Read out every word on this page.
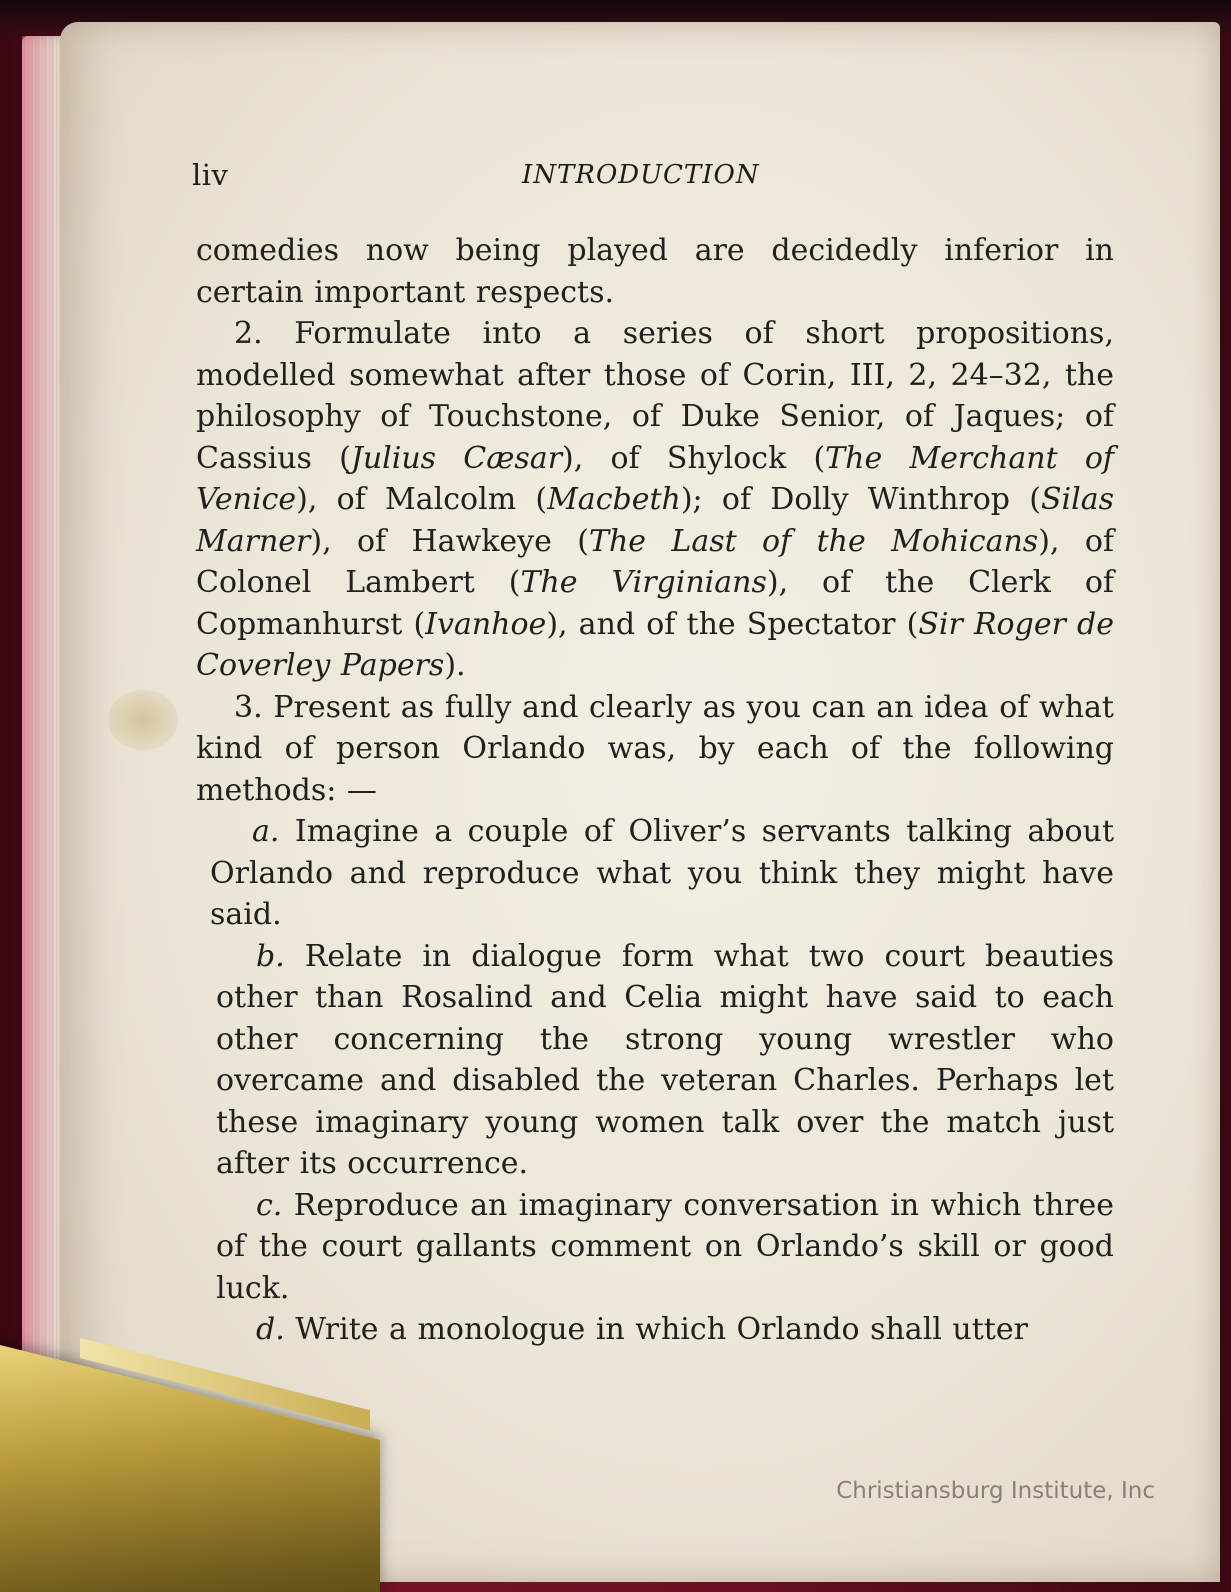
liv	INTRODUCTION

comedies now being played are decidedly inferior in certain important respects.

2. Formulate into a series of short propositions, modelled somewhat after those of Corin, III, 2, 24–32, the philosophy of Touchstone, of Duke Senior, of Jaques; of Cassius (Julius Cæsar), of Shylock (The Merchant of Venice), of Malcolm (Macbeth); of Dolly Winthrop (Silas Marner), of Hawkeye (The Last of the Mohicans), of Colonel Lambert (The Virginians), of the Clerk of Copmanhurst (Ivanhoe), and of the Spectator (Sir Roger de Coverley Papers).

3. Present as fully and clearly as you can an idea of what kind of person Orlando was, by each of the following methods: —

a. Imagine a couple of Oliver’s servants talking about Orlando and reproduce what you think they might have said.

b. Relate in dialogue form what two court beauties other than Rosalind and Celia might have said to each other concerning the strong young wrestler who overcame and disabled the veteran Charles. Perhaps let these imaginary young women talk over the match just after its occurrence.

c. Reproduce an imaginary conversation in which three of the court gallants comment on Orlando’s skill or good luck.

d. Write a monologue in which Orlando shall utter

Christiansburg Institute, Inc
